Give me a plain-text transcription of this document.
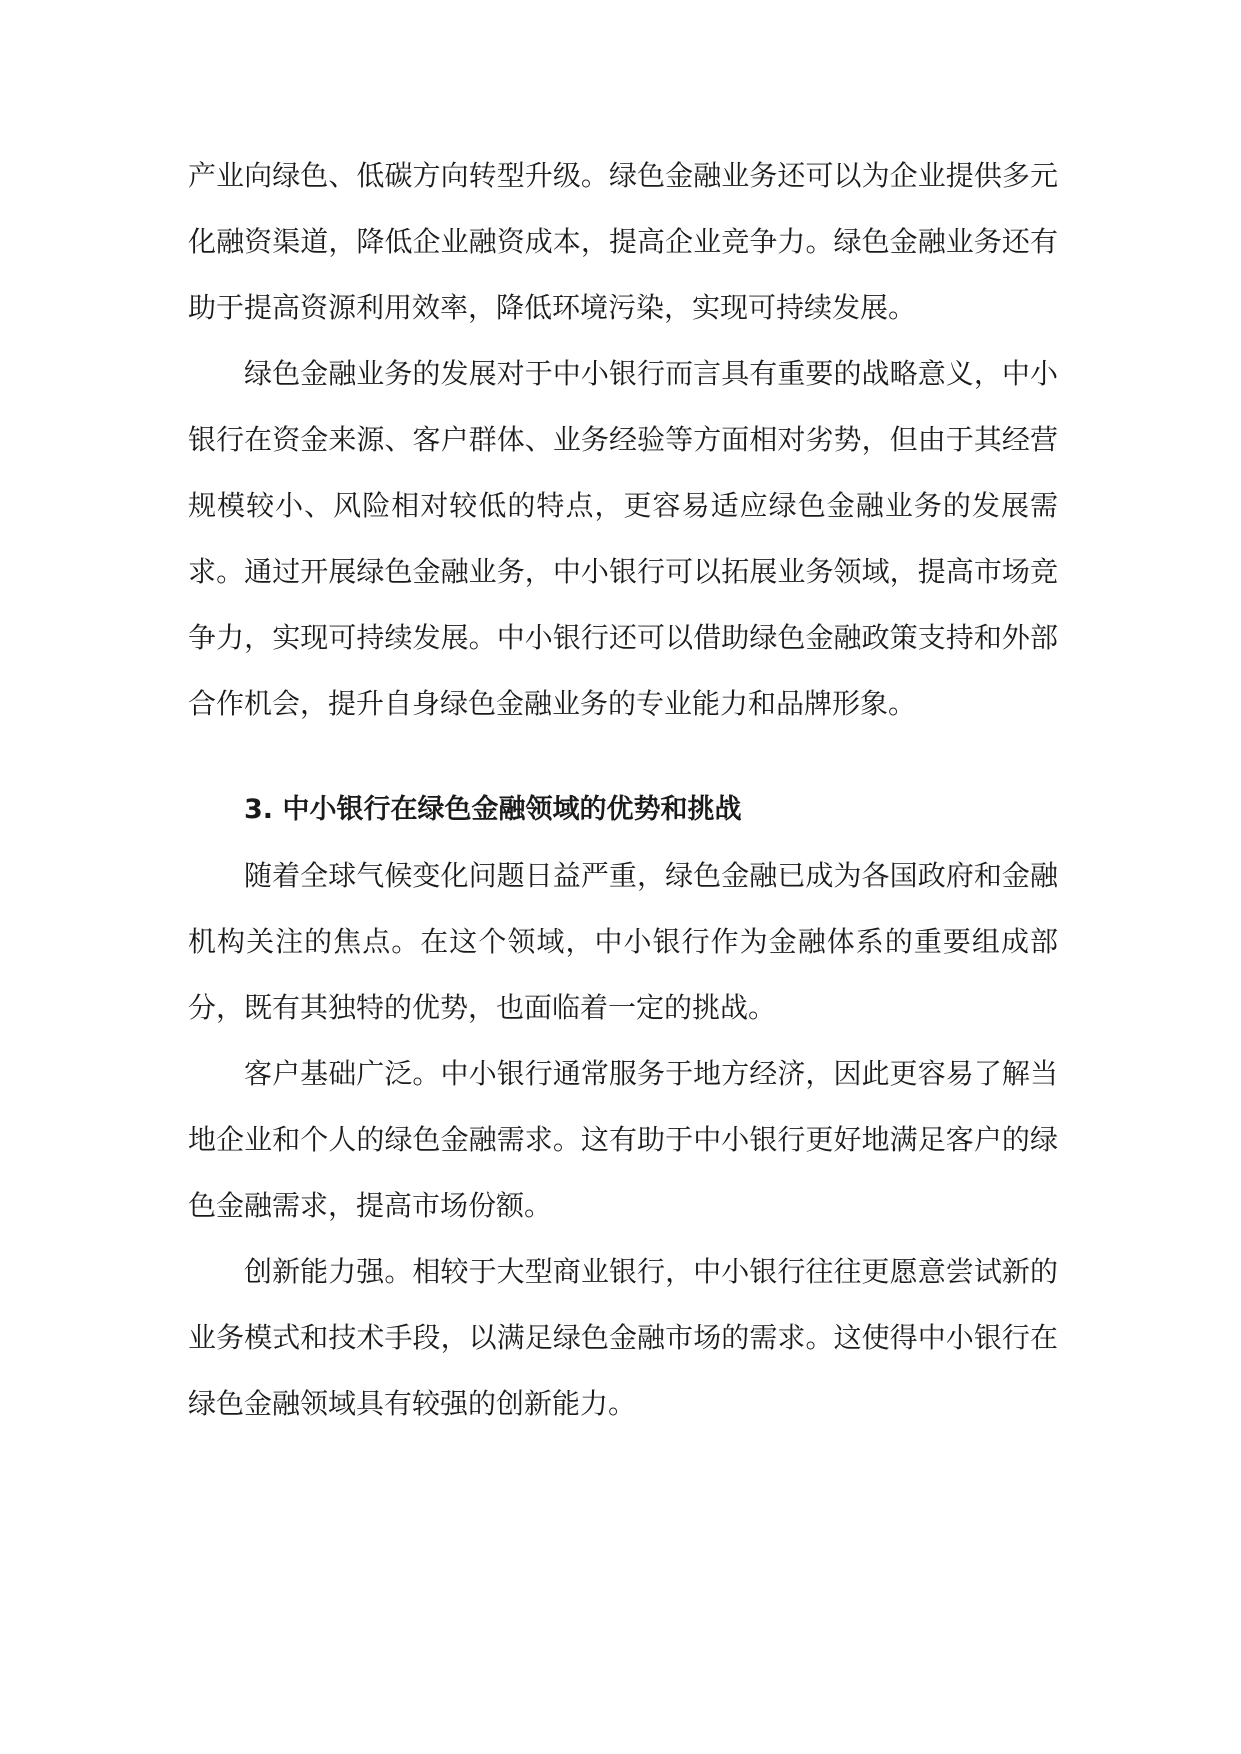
产业向绿色、低碳方向转型升级。绿色金融业务还可以为企业提供多元化融资渠道，降低企业融资成本，提高企业竞争力。绿色金融业务还有助于提高资源利用效率，降低环境污染，实现可持续发展。

绿色金融业务的发展对于中小银行而言具有重要的战略意义，中小银行在资金来源、客户群体、业务经验等方面相对劣势，但由于其经营规模较小、风险相对较低的特点，更容易适应绿色金融业务的发展需求。通过开展绿色金融业务，中小银行可以拓展业务领域，提高市场竞争力，实现可持续发展。中小银行还可以借助绿色金融政策支持和外部合作机会，提升自身绿色金融业务的专业能力和品牌形象。

3. 中小银行在绿色金融领域的优势和挑战

随着全球气候变化问题日益严重，绿色金融已成为各国政府和金融机构关注的焦点。在这个领域，中小银行作为金融体系的重要组成部分，既有其独特的优势，也面临着一定的挑战。

客户基础广泛。中小银行通常服务于地方经济，因此更容易了解当地企业和个人的绿色金融需求。这有助于中小银行更好地满足客户的绿色金融需求，提高市场份额。

创新能力强。相较于大型商业银行，中小银行往往更愿意尝试新的业务模式和技术手段，以满足绿色金融市场的需求。这使得中小银行在绿色金融领域具有较强的创新能力。
